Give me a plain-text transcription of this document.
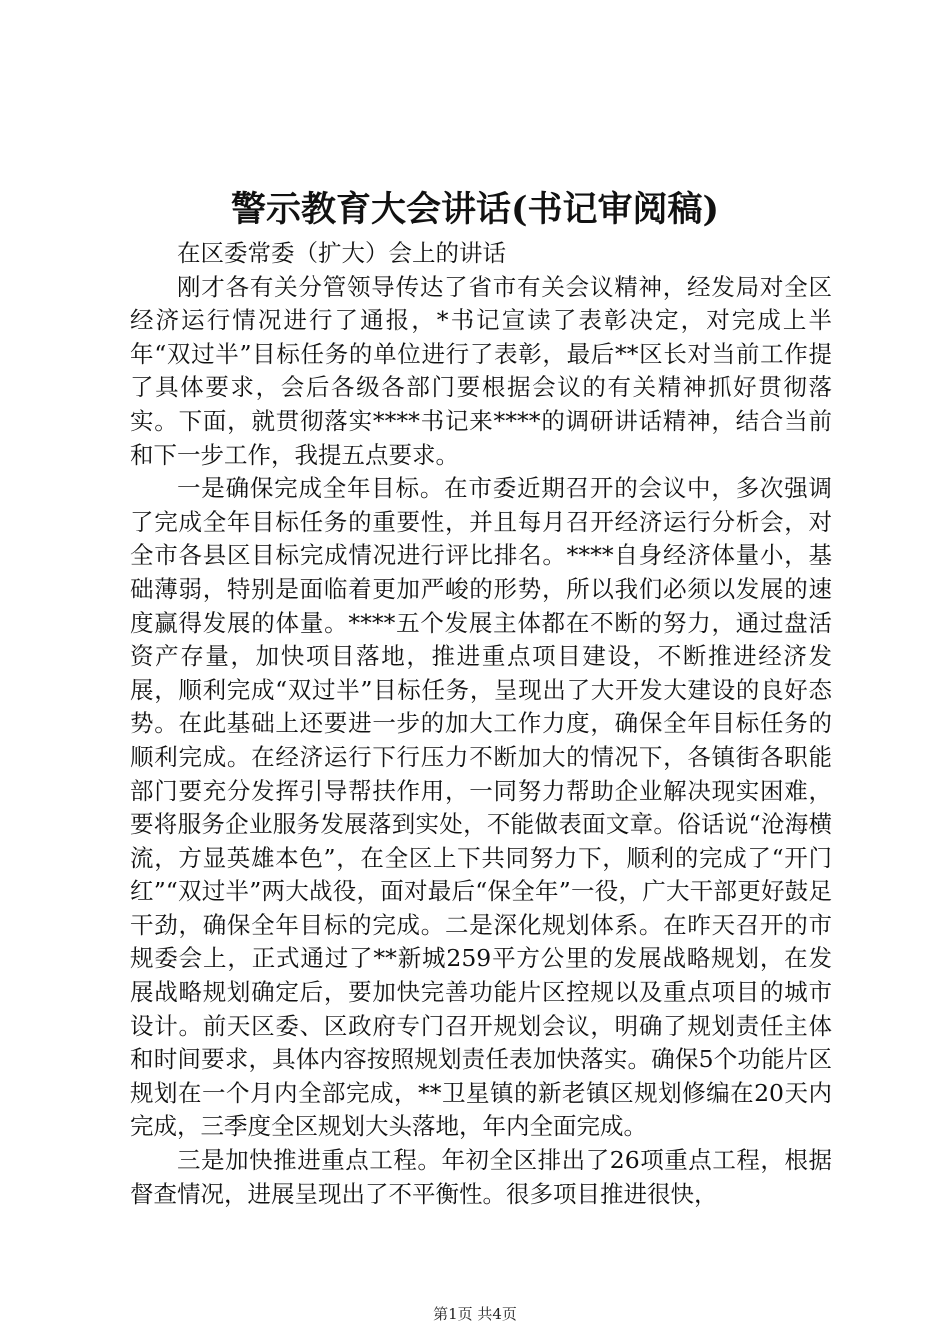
警示教育大会讲话(书记审阅稿)

在区委常委（扩大）会上的讲话

刚才各有关分管领导传达了省市有关会议精神，经发局对全区经济运行情况进行了通报，*书记宣读了表彰决定，对完成上半年“双过半”目标任务的单位进行了表彰，最后**区长对当前工作提了具体要求，会后各级各部门要根据会议的有关精神抓好贯彻落实。下面，就贯彻落实****书记来****的调研讲话精神，结合当前和下一步工作，我提五点要求。

一是确保完成全年目标。在市委近期召开的会议中，多次强调了完成全年目标任务的重要性，并且每月召开经济运行分析会，对全市各县区目标完成情况进行评比排名。****自身经济体量小，基础薄弱，特别是面临着更加严峻的形势，所以我们必须以发展的速度赢得发展的体量。****五个发展主体都在不断的努力，通过盘活资产存量，加快项目落地，推进重点项目建设，不断推进经济发展，顺利完成“双过半”目标任务，呈现出了大开发大建设的良好态势。在此基础上还要进一步的加大工作力度，确保全年目标任务的顺利完成。在经济运行下行压力不断加大的情况下，各镇街各职能部门要充分发挥引导帮扶作用，一同努力帮助企业解决现实困难，要将服务企业服务发展落到实处，不能做表面文章。俗话说“沧海横流，方显英雄本色”，在全区上下共同努力下，顺利的完成了“开门红”“双过半”两大战役，面对最后“保全年”一役，广大干部更好鼓足干劲，确保全年目标的完成。二是深化规划体系。在昨天召开的市规委会上，正式通过了**新城259平方公里的发展战略规划，在发展战略规划确定后，要加快完善功能片区控规以及重点项目的城市设计。前天区委、区政府专门召开规划会议，明确了规划责任主体和时间要求，具体内容按照规划责任表加快落实。确保5个功能片区规划在一个月内全部完成，**卫星镇的新老镇区规划修编在20天内完成，三季度全区规划大头落地，年内全面完成。

三是加快推进重点工程。年初全区排出了26项重点工程，根据督查情况，进展呈现出了不平衡性。很多项目推进很快，

第1页 共4页
